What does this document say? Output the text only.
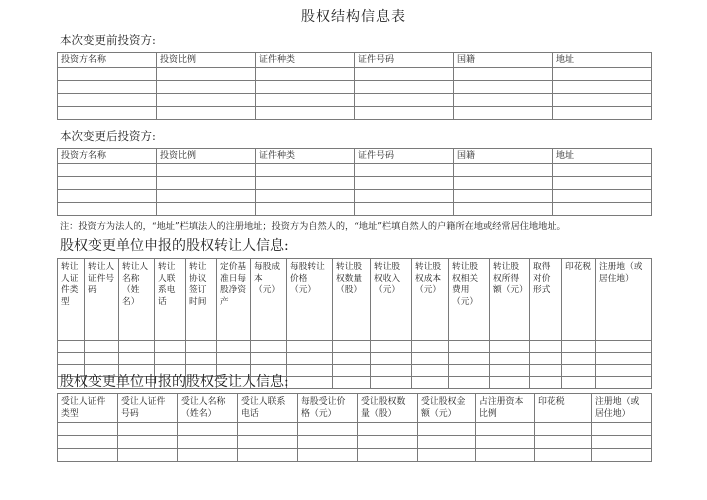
股权结构信息表
本次变更前投资方:
投资方名称	投资比例	证件种类	证件号码	国籍	地址

本次变更后投资方:
投资方名称	投资比例	证件种类	证件号码	国籍	地址

注：投资方为法人的，“地址”栏填法人的注册地址；投资方为自然人的，“地址”栏填自然人的户籍所在地或经常居住地地址。
股权变更单位申报的股权转让人信息:
转让人证件类型	转让人证件号码	转让人名称（姓名）	转让人联系电话	转让协议签订时间	定价基准日每股净资产	每股成本（元）	每股转让价格（元）	转让股权数量（股）	转让股权收入（元）	转让股权成本（元）	转让股权相关费用（元）	转让股权所得额（元）	取得对价形式	印花税	注册地（或居住地）

股权变更单位申报的股权受让人信息:
受让人证件类型	受让人证件号码	受让人名称（姓名）	受让人联系电话	每股受让价格（元）	受让股权数量（股）	受让股权金额（元）	占注册资本比例	印花税	注册地（或居住地）
